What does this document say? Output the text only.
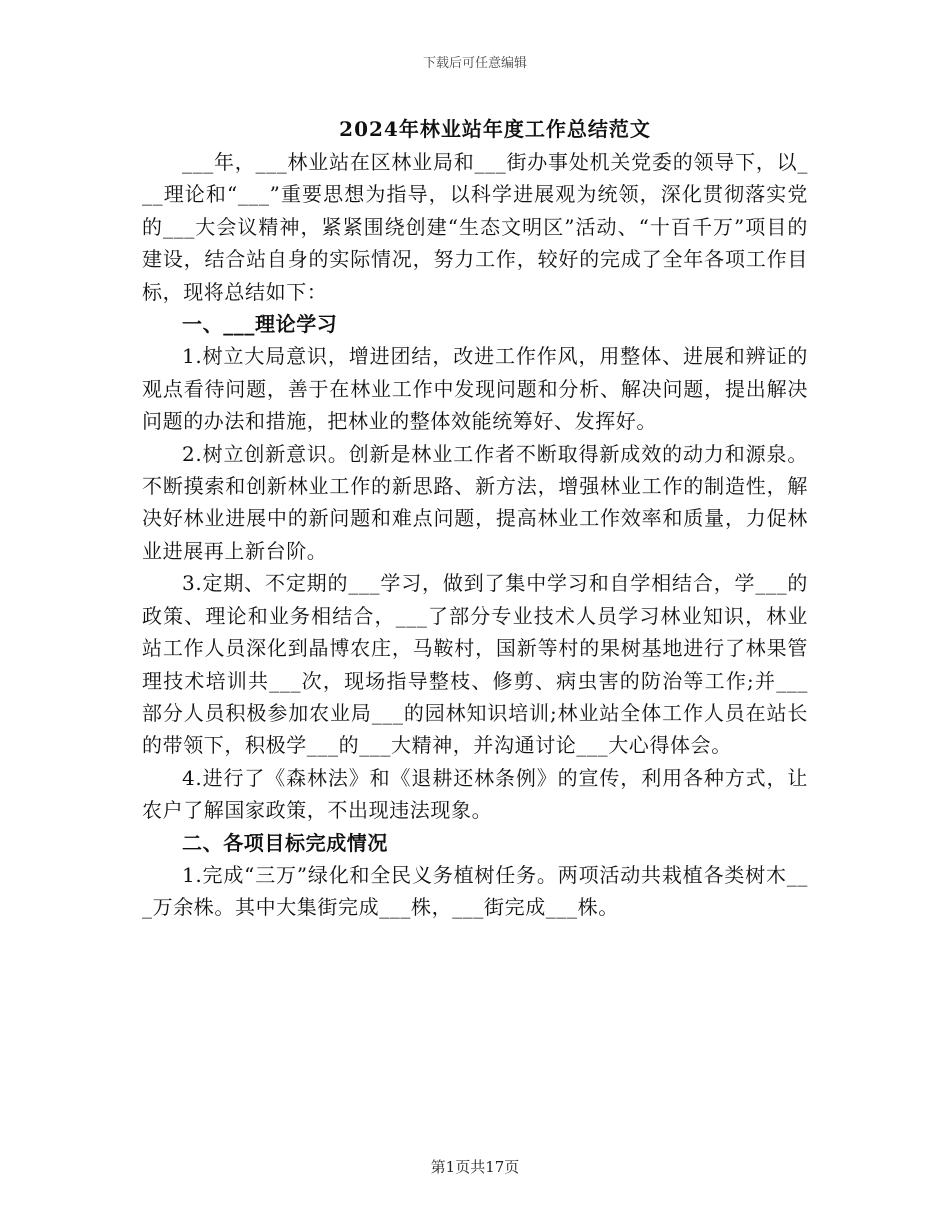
下载后可任意编辑
2024年林业站年度工作总结范文

___年，___林业站在区林业局和___街办事处机关党委的领导下，以___理论和“___”重要思想为指导，以科学进展观为统领，深化贯彻落实党的___大会议精神，紧紧围绕创建“生态文明区”活动、“十百千万”项目的建设，结合站自身的实际情况，努力工作，较好的完成了全年各项工作目标，现将总结如下：

一、___理论学习

1.树立大局意识，增进团结，改进工作作风，用整体、进展和辨证的观点看待问题，善于在林业工作中发现问题和分析、解决问题，提出解决问题的办法和措施，把林业的整体效能统筹好、发挥好。

2.树立创新意识。创新是林业工作者不断取得新成效的动力和源泉。不断摸索和创新林业工作的新思路、新方法，增强林业工作的制造性，解决好林业进展中的新问题和难点问题，提高林业工作效率和质量，力促林业进展再上新台阶。

3.定期、不定期的___学习，做到了集中学习和自学相结合，学___的政策、理论和业务相结合，___了部分专业技术人员学习林业知识，林业站工作人员深化到晶博农庄，马鞍村，国新等村的果树基地进行了林果管理技术培训共___次，现场指导整枝、修剪、病虫害的防治等工作;并___部分人员积极参加农业局___的园林知识培训;林业站全体工作人员在站长的带领下，积极学___的___大精神，并沟通讨论___大心得体会。

4.进行了《森林法》和《退耕还林条例》的宣传，利用各种方式，让农户了解国家政策，不出现违法现象。

二、各项目标完成情况

1.完成“三万”绿化和全民义务植树任务。两项活动共栽植各类树木___万余株。其中大集街完成___株，___街完成___株。

第1页共17页
